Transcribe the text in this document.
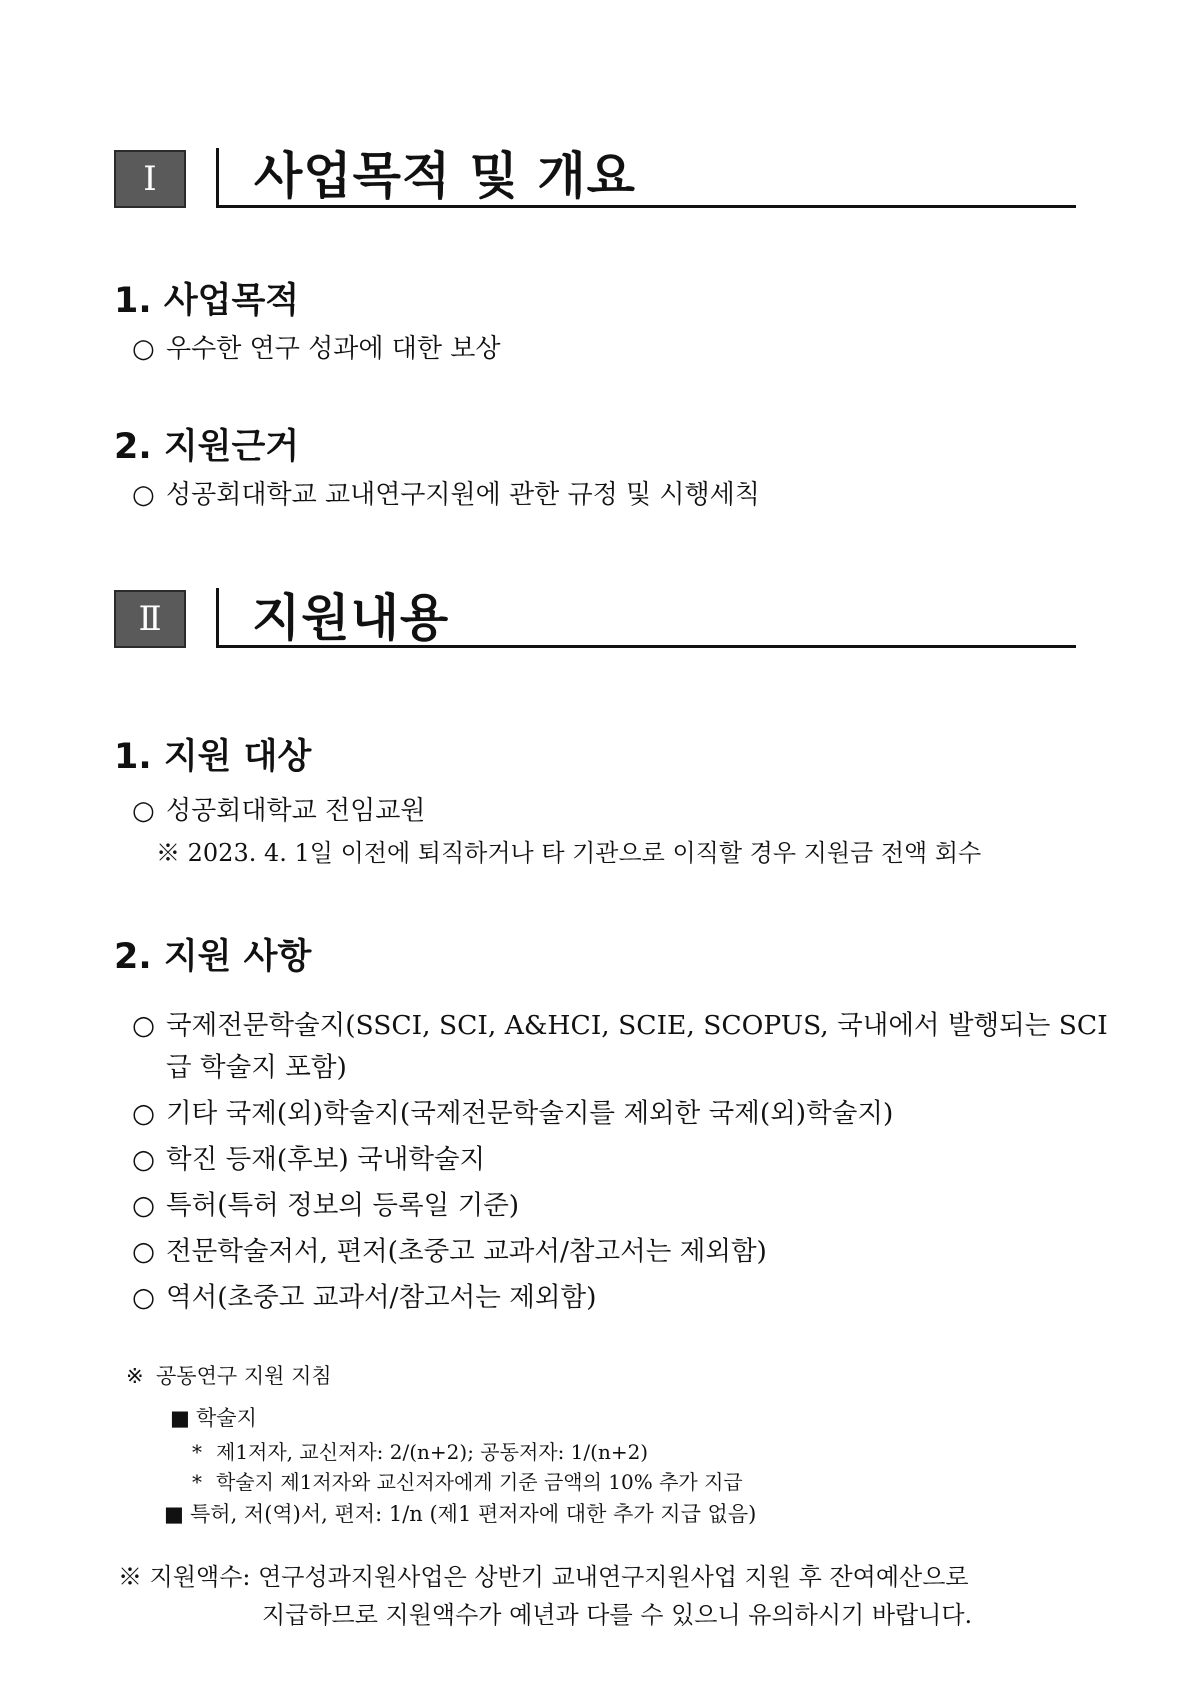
Ⅰ	사업목적 및 개요
1. 사업목적
○ 우수한 연구 성과에 대한 보상
2. 지원근거
○ 성공회대학교 교내연구지원에 관한 규정 및 시행세칙
Ⅱ	지원내용
1. 지원 대상
○ 성공회대학교 전임교원
※ 2023. 4. 1일 이전에 퇴직하거나 타 기관으로 이직할 경우 지원금 전액 회수
2. 지원 사항
○ 국제전문학술지(SSCI, SCI, A&HCI, SCIE, SCOPUS, 국내에서 발행되는 SCI
급 학술지 포함)
○ 기타 국제(외)학술지(국제전문학술지를 제외한 국제(외)학술지)
○ 학진 등재(후보) 국내학술지
○ 특허(특허 정보의 등록일 기준)
○ 전문학술저서, 편저(초중고 교과서/참고서는 제외함)
○ 역서(초중고 교과서/참고서는 제외함)
※ 공동연구 지원 지침
■ 학술지
* 제1저자, 교신저자: 2/(n+2); 공동저자: 1/(n+2)
* 학술지 제1저자와 교신저자에게 기준 금액의 10% 추가 지급
■ 특허, 저(역)서, 편저: 1/n (제1 편저자에 대한 추가 지급 없음)
※ 지원액수: 연구성과지원사업은 상반기 교내연구지원사업 지원 후 잔여예산으로
지급하므로 지원액수가 예년과 다를 수 있으니 유의하시기 바랍니다.
